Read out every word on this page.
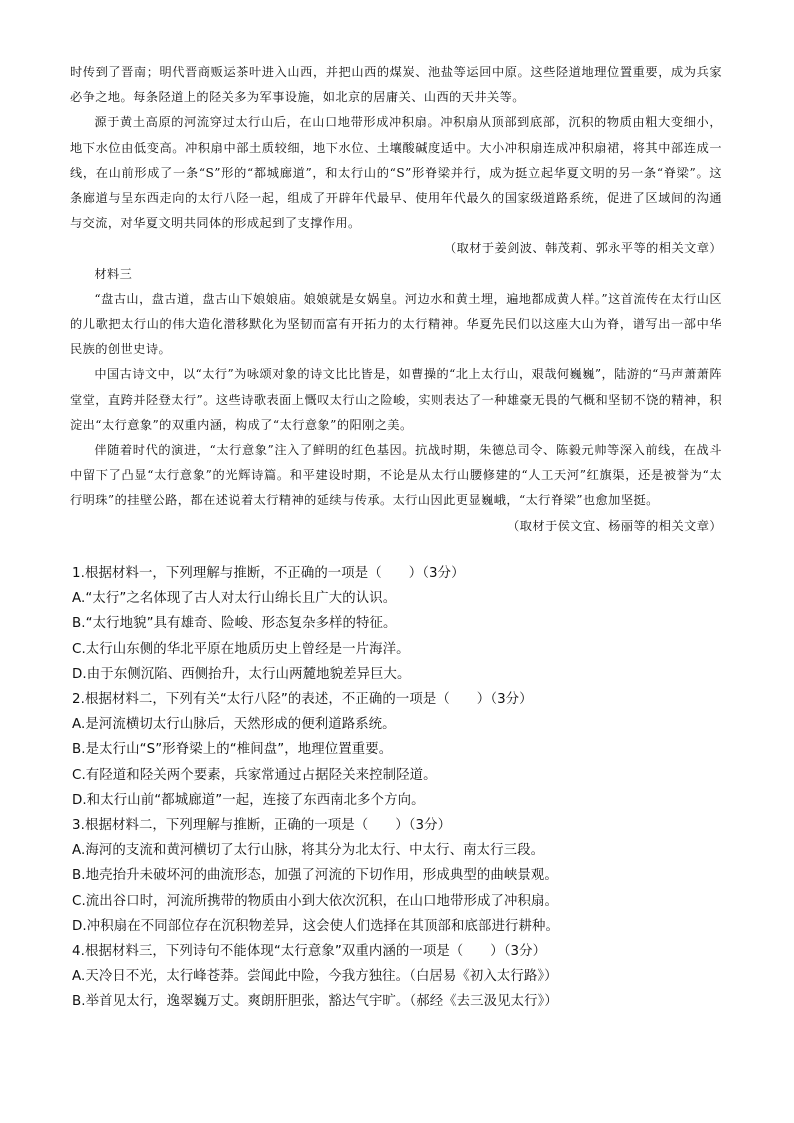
时传到了晋南；明代晋商贩运茶叶进入山西，并把山西的煤炭、池盐等运回中原。这些陉道地理位置重要，成为兵家必争之地。每条陉道上的陉关多为军事设施，如北京的居庸关、山西的天井关等。

源于黄土高原的河流穿过太行山后，在山口地带形成冲积扇。冲积扇从顶部到底部，沉积的物质由粗大变细小，地下水位由低变高。冲积扇中部土质较细，地下水位、土壤酸碱度适中。大小冲积扇连成冲积扇裙，将其中部连成一线，在山前形成了一条“S”形的“都城廊道”，和太行山的“S”形脊梁并行，成为挺立起华夏文明的另一条“脊梁”。这条廊道与呈东西走向的太行八陉一起，组成了开辟年代最早、使用年代最久的国家级道路系统，促进了区域间的沟通与交流，对华夏文明共同体的形成起到了支撑作用。

（取材于姜剑波、韩茂莉、郭永平等的相关文章）

材料三

“盘古山，盘古道，盘古山下娘娘庙。娘娘就是女娲皇。河边水和黄土埋，遍地都成黄人样。”这首流传在太行山区的儿歌把太行山的伟大造化潜移默化为坚韧而富有开拓力的太行精神。华夏先民们以这座大山为脊，谱写出一部中华民族的创世史诗。

中国古诗文中，以“太行”为咏颂对象的诗文比比皆是，如曹操的“北上太行山，艰哉何巍巍”，陆游的“马声萧萧阵堂堂，直跨并陉登太行”。这些诗歌表面上慨叹太行山之险峻，实则表达了一种雄豪无畏的气概和坚韧不饶的精神，积淀出“太行意象”的双重内涵，构成了“太行意象”的阳刚之美。

伴随着时代的演进，“太行意象”注入了鲜明的红色基因。抗战时期，朱德总司令、陈毅元帅等深入前线，在战斗中留下了凸显“太行意象”的光辉诗篇。和平建设时期，不论是从太行山腰修建的“人工天河”红旗渠，还是被誉为“太行明珠”的挂壁公路，都在述说着太行精神的延续与传承。太行山因此更显巍峨，“太行脊梁”也愈加坚挺。

（取材于侯文宜、杨丽等的相关文章）

1.根据材料一，下列理解与推断，不正确的一项是（　　）（3分）
A.“太行”之名体现了古人对太行山绵长且广大的认识。
B.“太行地貌”具有雄奇、险峻、形态复杂多样的特征。
C.太行山东侧的华北平原在地质历史上曾经是一片海洋。
D.由于东侧沉陷、西侧抬升，太行山两麓地貌差异巨大。
2.根据材料二，下列有关“太行八陉”的表述，不正确的一项是（　　）（3分）
A.是河流横切太行山脉后，天然形成的便利道路系统。
B.是太行山“S”形脊梁上的“椎间盘”，地理位置重要。
C.有陉道和陉关两个要素，兵家常通过占据陉关来控制陉道。
D.和太行山前“都城廊道”一起，连接了东西南北多个方向。
3.根据材料二，下列理解与推断，正确的一项是（　　）（3分）
A.海河的支流和黄河横切了太行山脉，将其分为北太行、中太行、南太行三段。
B.地壳抬升未破坏河的曲流形态，加强了河流的下切作用，形成典型的曲峡景观。
C.流出谷口时，河流所携带的物质由小到大依次沉积，在山口地带形成了冲积扇。
D.冲积扇在不同部位存在沉积物差异，这会使人们选择在其顶部和底部进行耕种。
4.根据材料三，下列诗句不能体现“太行意象”双重内涵的一项是（　　）（3分）
A.天冷日不光，太行峰苍莽。尝闻此中险，今我方独往。（白居易《初入太行路》）
B.举首见太行，逸翠巍万丈。爽朗肝胆张，豁达气宇旷。（郝经《去三汲见太行》）
